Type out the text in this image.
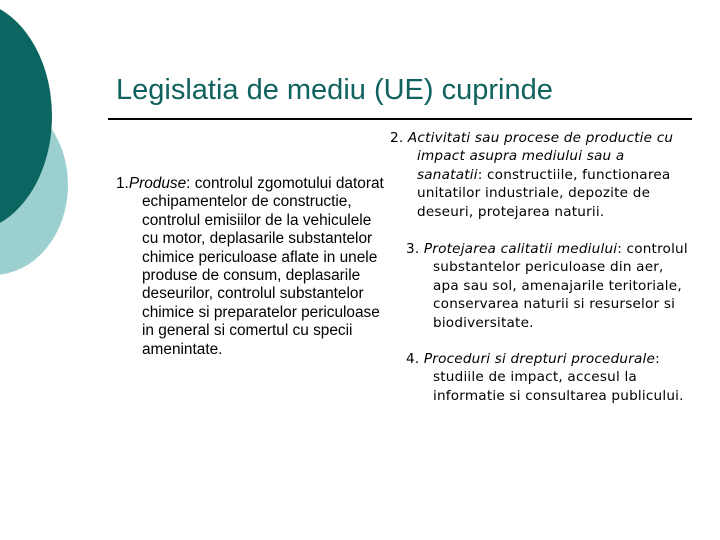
Legislatia de mediu (UE) cuprinde

1.Produse: controlul zgomotului datorat echipamentelor de constructie, controlul emisiilor de la vehiculele cu motor, deplasarile substantelor chimice periculoase aflate in unele produse de consum, deplasarile deseurilor, controlul substantelor chimice si preparatelor periculoase in general si comertul cu specii amenintate.

2. Activitati sau procese de productie cu impact asupra mediului sau a sanatatii: constructiile, functionarea unitatilor industriale, depozite de deseuri, protejarea naturii.

3. Protejarea calitatii mediului: controlul substantelor periculoase din aer, apa sau sol, amenajarile teritoriale, conservarea naturii si resurselor si biodiversitate.

4. Proceduri si drepturi procedurale: studiile de impact, accesul la informatie si consultarea publicului.
